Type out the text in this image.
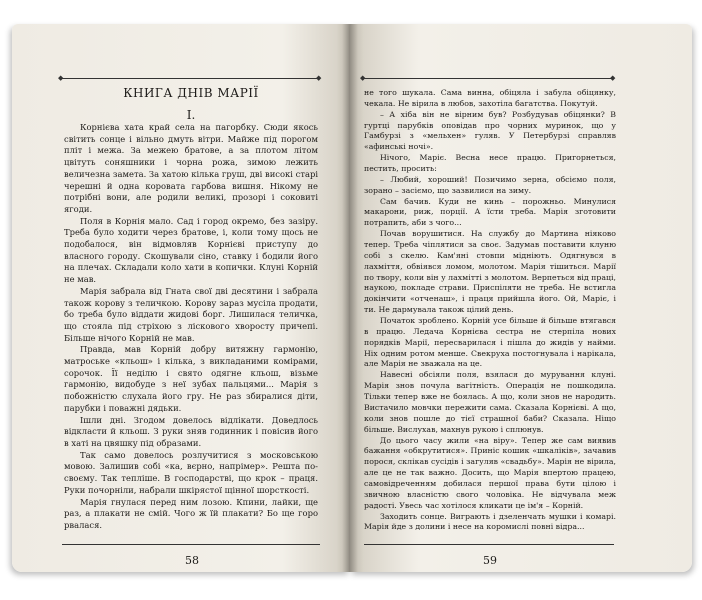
◆	◆
КНИГА ДНІВ МАРІЇ
I.

Корнієва хата край села на пагорбку. Сюди якось світить сонце і вільно дмуть вітри. Майже під порогом пліт і межа. За межею братове, а за плотом літом цвітуть соняшники і чорна рожа, зимою лежить величезна замета. За хатою кілька груш, дві високі старі черешні й одна коровата гарбова вишня. Нікому не потрібні вони, але родили великі, прозорі і соковиті ягоди.

Поля в Корнія мало. Сад і город окремо, без зазіру. Треба було ходити через братове, і, коли тому щось не подобалося, він відмовляв Корнієві приступу до власного городу. Скошували сіно, ставку і бодили його на плечах. Складали коло хати в копички. Клуні Корній не мав.

Марія забрала від Гната свої дві десятини і забрала також корову з теличкою. Корову зараз мусіла продати, бо треба було віддати жидові борг. Лишилася теличка, що стояла під стріхою з ліскового хворосту причепі. Більше нічого Корній не мав.

Правда, мав Корній добру витяжну гармонію, матроське «кльош» і кілька, з викладаними комірами, сорочок. Її неділю і свято одягне кльош, візьме гармонію, видобуде з неї зубах пальцями... Марія з побожністю слухала його гру. Не раз збиралися діти, парубки і поважні дядьки.

Ішли дні. Згодом довелось відлікати. Доведлось відкласти й кльош. З руки зняв годинник і повісив його в хаті на цвяшку під образами.

Так само довелось розлучитися з московською мовою. Залишив собі «ка, вєрно, напрімер». Решта по-своєму. Так тепліше. В господарстві, що крок – праця. Руки почорніли, набрали шкірястої щінної шорсткості.

Марія гнулася перед ним лозою. Кпини, лайки, ще раз, а плакати не смій. Чого ж їй плакати? Бо ще горо рвалася.

58
◆	◆

не того шукала. Сама винна, обіцяла і забула обіцянку, чекала. Не вірила в любов, захотіла багатства. Покутуй.

– А хіба він не вірним був? Розбудував обіцянки? В гуртці парубків оповідав про чорних муринок, що у Гамбурзі з «мельхен» гуляв. У Петербурзі справляв «афинські ночі».

Нічого, Маріє. Весна несе працю. Пригорнеться, пестить, просить:

– Любий, хороший! Позичимо зерна, обсіємо поля, зорано – засіємо, що зазвилися на зиму.

Сам бачив. Куди не кинь – порожньо. Минулися макарони, риж, порції. А їсти треба. Марія зготовити потрапить, аби з чого...

Почав ворушитися. На службу до Мартина ніяково тепер. Треба чіплятися за своє. Задумав поставити клуню собі з скелю. Кам'яні стовпи мідніють. Одягнувся в лахміття, обвіявся ломом, молотом. Марія тішиться. Марії по твору, коли він у лахмітті з молотом. Верпеться від праці, наукою, покладе страви. Приспіляти не треба. Не встигла докінчити «отченаш», і праця прийшла його. Ой, Маріє, і ти. Не дармувала також цілий день.

Початок зроблено. Корній усе більше й більше втягався в працю. Ледача Корнієва сестра не стерпіла нових порядків Марії, пересварилася і пішла до жидів у найми. Ніх одним ротом менше. Свекруха постогнувала і нарікала, але Марія не зважала на це.

Навесні обсіяли поля, взялася до мурування клуні. Марія знов почула вагітність. Операція не пошкодила. Тільки тепер вже не боялась. А що, коли знов не народить. Вистачило мовчки пережити сама. Сказала Корнієві. А що, коли знов пошле до тієї страшної баби? Сказала. Ніщо більше. Вислухав, махнув рукою і сплюнув.

До цього часу жили «на віру». Тепер же сам виявив бажання «обкрутитися». Приніс кошик «шкаліків», зачавив порося, склікав сусідів і загуляв «свадьбу». Марія не вірила, але це не так важно. Досить, що Марія впертою працею, самовідреченням добилася першої права бути цілою і звичною власністю свого чоловіка. Не відчувала меж радості. Увесь час хотілося кликати це ім'я – Корній.

Заходить сонце. Виграють і дзеленчать мушки і комарі. Марія йде з долини і несе на коромислі повні відра...

59
